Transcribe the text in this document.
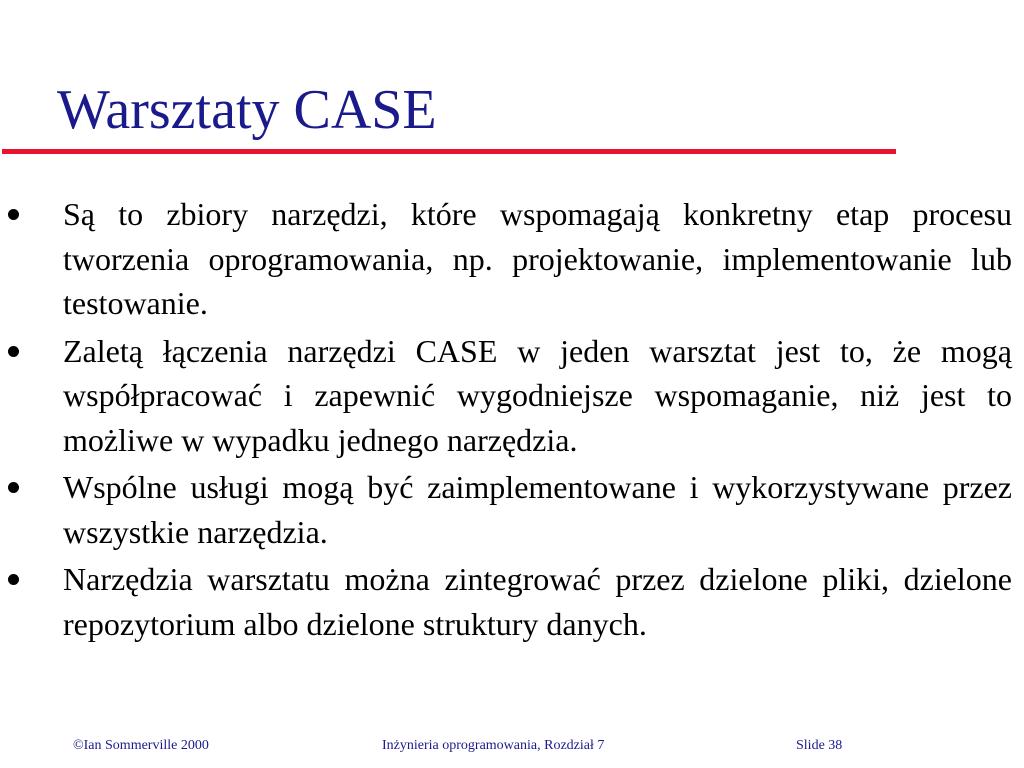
Warsztaty CASE
Są to zbiory narzędzi, które wspomagają konkretny etap procesu tworzenia oprogramowania, np. projektowanie, implementowanie lub testowanie.
Zaletą łączenia narzędzi CASE w jeden warsztat jest to, że mogą współpracować i zapewnić wygodniejsze wspomaganie, niż jest to możliwe w wypadku jednego narzędzia.
Wspólne usługi mogą być zaimplementowane i wykorzystywane przez wszystkie narzędzia.
Narzędzia warsztatu można zintegrować przez dzielone pliki, dzielone repozytorium albo dzielone struktury danych.
©Ian Sommerville 2000	Inżynieria oprogramowania, Rozdział 7	Slide 38
